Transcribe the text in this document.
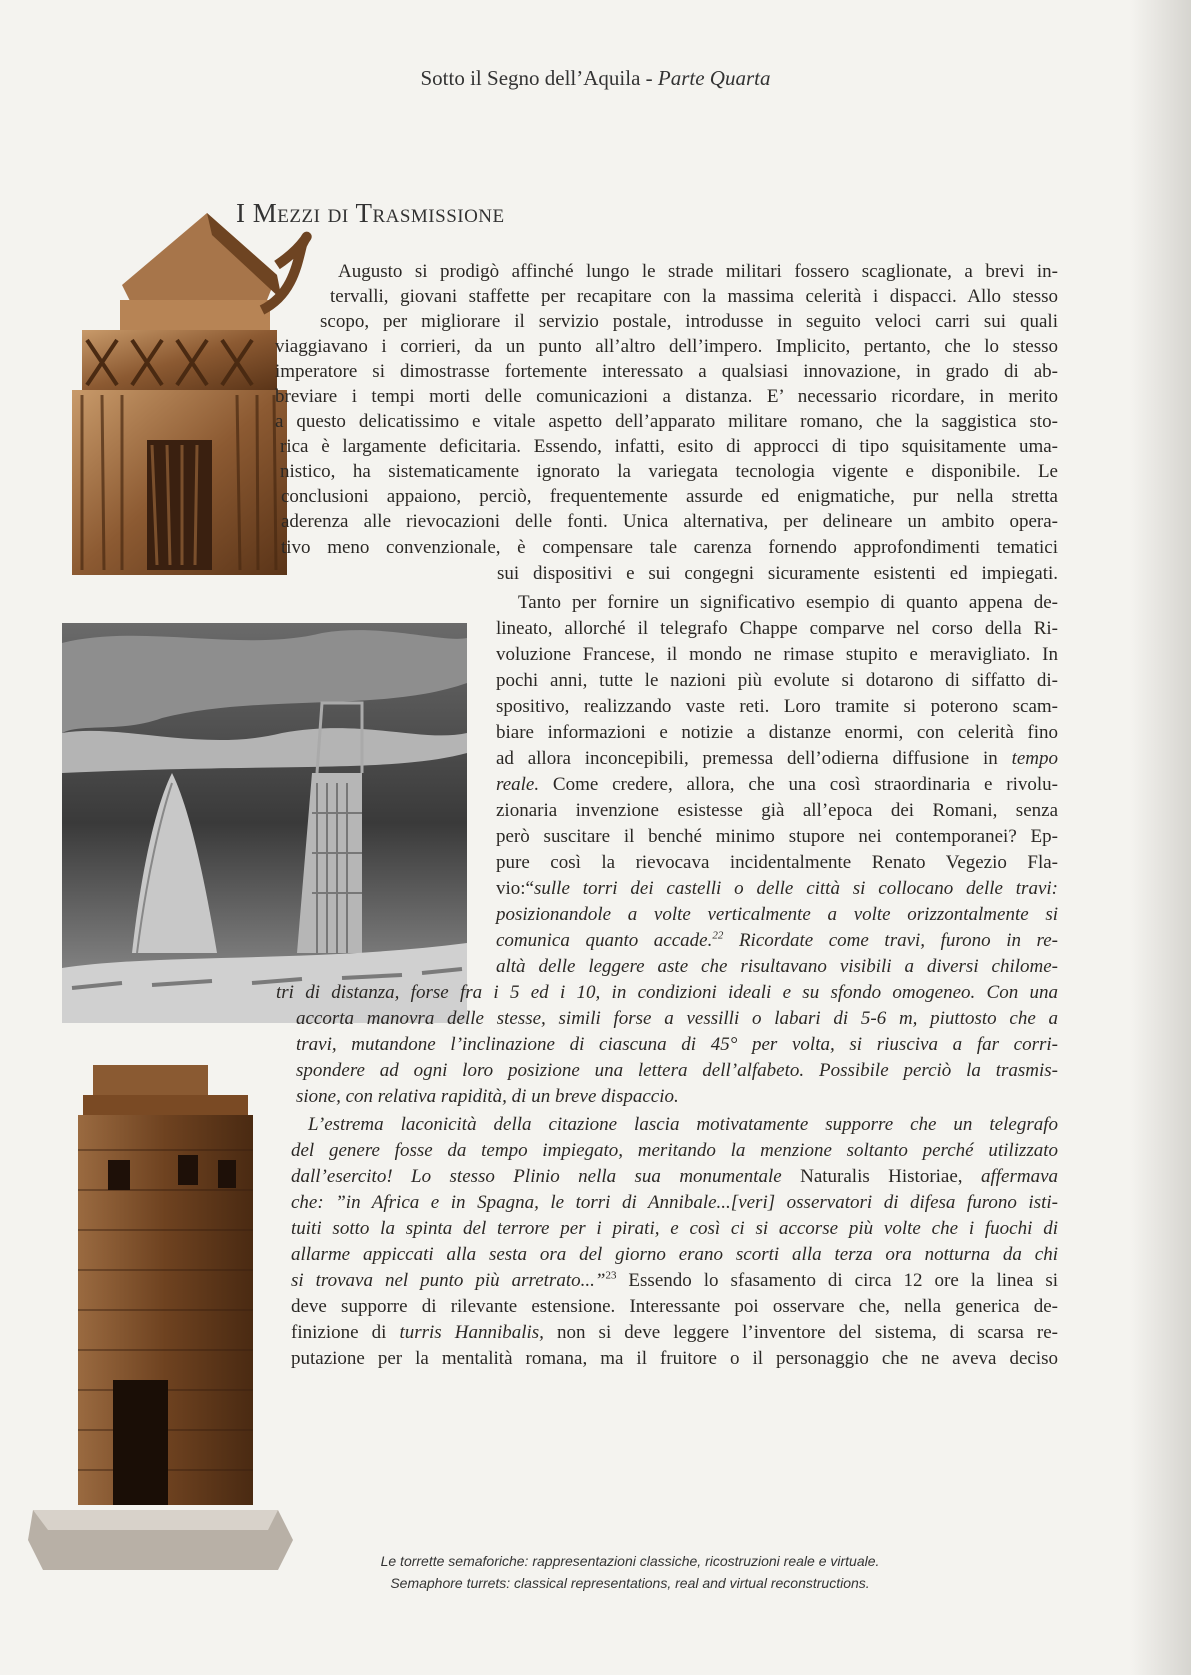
Sotto il Segno dell’Aquila - Parte Quarta
I Mezzi di Trasmissione
Augusto si prodigò affinché lungo le strade militari fossero scaglionate, a brevi in-
tervalli, giovani staffette per recapitare con la massima celerità i dispacci. Allo stesso
scopo, per migliorare il servizio postale, introdusse in seguito veloci carri sui quali
viaggiavano i corrieri, da un punto all’altro dell’impero. Implicito, pertanto, che lo stesso
imperatore si dimostrasse fortemente interessato a qualsiasi innovazione, in grado di ab-
breviare i tempi morti delle comunicazioni a distanza. E’ necessario ricordare, in merito
a questo delicatissimo e vitale aspetto dell’apparato militare romano, che la saggistica sto-
rica è largamente deficitaria. Essendo, infatti, esito di approcci di tipo squisitamente uma-
nistico, ha sistematicamente ignorato la variegata tecnologia vigente e disponibile. Le
conclusioni appaiono, perciò, frequentemente assurde ed enigmatiche, pur nella stretta
aderenza alle rievocazioni delle fonti. Unica alternativa, per delineare un ambito opera-
tivo meno convenzionale, è compensare tale carenza fornendo approfondimenti tematici
sui dispositivi e sui congegni sicuramente esistenti ed impiegati.
Tanto per fornire un significativo esempio di quanto appena de-
lineato, allorché il telegrafo Chappe comparve nel corso della Ri-
voluzione Francese, il mondo ne rimase stupito e meravigliato. In
pochi anni, tutte le nazioni più evolute si dotarono di siffatto di-
spositivo, realizzando vaste reti. Loro tramite si poterono scam-
biare informazioni e notizie a distanze enormi, con celerità fino
ad allora inconcepibili, premessa dell’odierna diffusione in tempo
reale. Come credere, allora, che una così straordinaria e rivolu-
zionaria invenzione esistesse già all’epoca dei Romani, senza
però suscitare il benché minimo stupore nei contemporanei? Ep-
pure così la rievocava incidentalmente Renato Vegezio Fla-
vio:“sulle torri dei castelli o delle città si collocano delle travi:
posizionandole a volte verticalmente a volte orizzontalmente si
comunica quanto accade.$^{22}$ Ricordate come travi, furono in re-
altà delle leggere aste che risultavano visibili a diversi chilome-
tri di distanza, forse fra i 5 ed i 10, in condizioni ideali e su sfondo omogeneo. Con una
accorta manovra delle stesse, simili forse a vessilli o labari di 5-6 m, piuttosto che a
travi, mutandone l’inclinazione di ciascuna di 45° per volta, si riusciva a far corri-
spondere ad ogni loro posizione una lettera dell’alfabeto. Possibile perciò la trasmis-
sione, con relativa rapidità, di un breve dispaccio.
L’estrema laconicità della citazione lascia motivatamente supporre che un telegrafo
del genere fosse da tempo impiegato, meritando la menzione soltanto perché utilizzato
dall’esercito! Lo stesso Plinio nella sua monumentale Naturalis Historiae, affermava
che: ”in Africa e in Spagna, le torri di Annibale...[veri] osservatori di difesa furono isti-
tuiti sotto la spinta del terrore per i pirati, e così ci si accorse più volte che i fuochi di
allarme appiccati alla sesta ora del giorno erano scorti alla terza ora notturna da chi
si trovava nel punto più arretrato...”$^{23}$ Essendo lo sfasamento di circa 12 ore la linea si
deve supporre di rilevante estensione. Interessante poi osservare che, nella generica de-
finizione di turris Hannibalis, non si deve leggere l’inventore del sistema, di scarsa re-
putazione per la mentalità romana, ma il fruitore o il personaggio che ne aveva deciso
Le torrette semaforiche: rappresentazioni classiche, ricostruzioni reale e virtuale.
Semaphore turrets: classical representations, real and virtual reconstructions.
